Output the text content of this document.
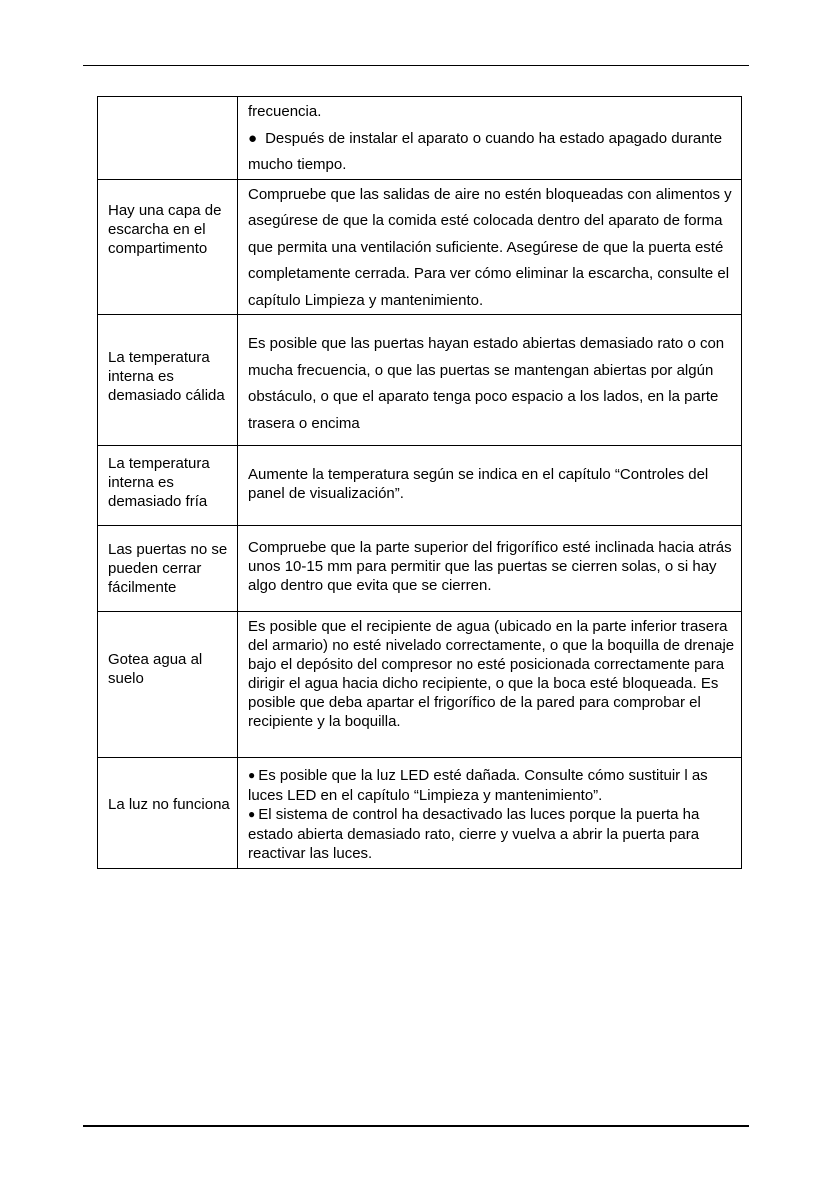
	frecuencia.

● Después de instalar el aparato o cuando ha estado apagado durante mucho tiempo.

Hay una capa de escarcha en el compartimento	Compruebe que las salidas de aire no estén bloqueadas con alimentos y asegúrese de que la comida esté colocada dentro del aparato de forma que permita una ventilación suficiente. Asegúrese de que la puerta esté completamente cerrada. Para ver cómo eliminar la escarcha, consulte el capítulo Limpieza y mantenimiento.

La temperatura interna es demasiado cálida	Es posible que las puertas hayan estado abiertas demasiado rato o con mucha frecuencia, o que las puertas se mantengan abiertas por algún obstáculo, o que el aparato tenga poco espacio a los lados, en la parte trasera o encima

La temperatura interna es demasiado fría	Aumente la temperatura según se indica en el capítulo “Controles del panel de visualización”.

Las puertas no se pueden cerrar fácilmente	Compruebe que la parte superior del frigorífico esté inclinada hacia atrás unos 10-15 mm para permitir que las puertas se cierren solas, o si hay algo dentro que evita que se cierren.

Gotea agua al suelo	Es posible que el recipiente de agua (ubicado en la parte inferior trasera del armario) no esté nivelado correctamente, o que la boquilla de drenaje bajo el depósito del compresor no esté posicionada correctamente para dirigir el agua hacia dicho recipiente, o que la boca esté bloqueada. Es posible que deba apartar el frigorífico de la pared para comprobar el recipiente y la boquilla.

La luz no funciona	● Es posible que la luz LED esté dañada. Consulte cómo sustituir l as luces LED en el capítulo “Limpieza y mantenimiento”.

● El sistema de control ha desactivado las luces porque la puerta ha estado abierta demasiado rato, cierre y vuelva a abrir la puerta para reactivar las luces.
